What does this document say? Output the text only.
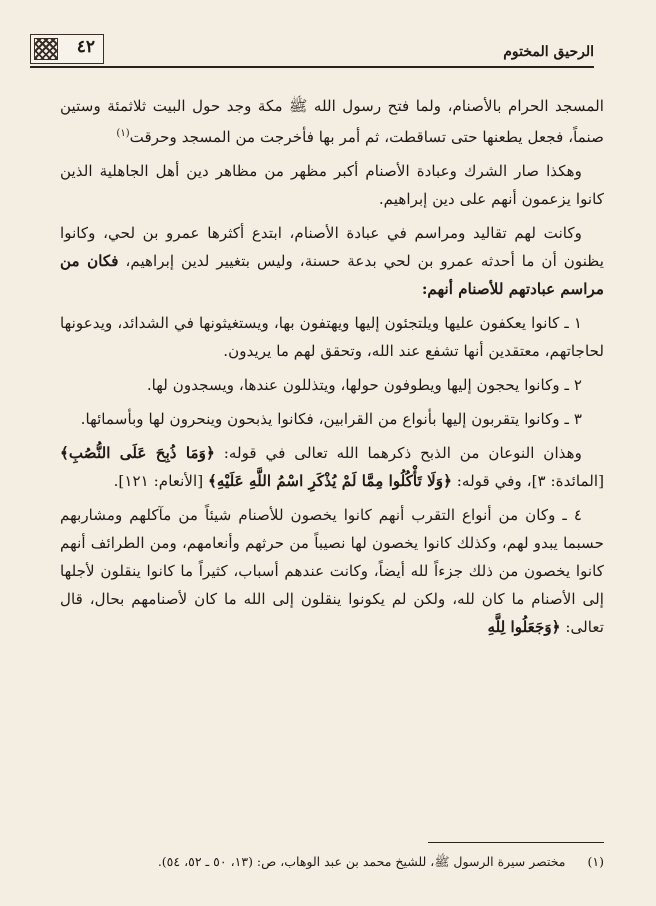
٤٢	الرحيق المختوم

المسجد الحرام بالأصنام، ولما فتح رسول الله ﷺ مكة وجد حول البيت ثلاثمئة وستين صنماً، فجعل يطعنها حتى تساقطت، ثم أمر بها فأخرجت من المسجد وحرقت$^{(١)}$

وهكذا صار الشرك وعبادة الأصنام أكبر مظهر من مظاهر دين أهل الجاهلية الذين كانوا يزعمون أنهم على دين إبراهيم.

وكانت لهم تقاليد ومراسم في عبادة الأصنام، ابتدع أكثرها عمرو بن لحي، وكانوا يظنون أن ما أحدثه عمرو بن لحي بدعة حسنة، وليس بتغيير لدين إبراهيم، فكان من مراسم عبادتهم للأصنام أنهم:

١ ـ كانوا يعكفون عليها ويلتجئون إليها ويهتفون بها، ويستغيثونها في الشدائد، ويدعونها لحاجاتهم، معتقدين أنها تشفع عند الله، وتحقق لهم ما يريدون.

٢ ـ وكانوا يحجون إليها ويطوفون حولها، ويتذللون عندها، ويسجدون لها.

٣ ـ وكانوا يتقربون إليها بأنواع من القرابين، فكانوا يذبحون وينحرون لها وبأسمائها.

وهذان النوعان من الذبح ذكرهما الله تعالى في قوله: ﴿وَمَا ذُبِحَ عَلَى النُّصُبِ﴾ [المائدة: ٣]، وفي قوله: ﴿وَلَا تَأْكُلُوا مِمَّا لَمْ يُذْكَرِ اسْمُ اللَّهِ عَلَيْهِ﴾ [الأنعام: ١٢١].

٤ ـ وكان من أنواع التقرب أنهم كانوا يخصون للأصنام شيئاً من مآكلهم ومشاربهم حسبما يبدو لهم، وكذلك كانوا يخصون لها نصيباً من حرثهم وأنعامهم، ومن الطرائف أنهم كانوا يخصون من ذلك جزءاً لله أيضاً، وكانت عندهم أسباب، كثيراً ما كانوا ينقلون لأجلها إلى الأصنام ما كان لله، ولكن لم يكونوا ينقلون إلى الله ما كان لأصنامهم بحال، قال تعالى: ﴿وَجَعَلُوا لِلَّهِ

(١) مختصر سيرة الرسول ﷺ، للشيخ محمد بن عبد الوهاب، ص: (١٣، ٥٠ ـ ٥٢، ٥٤).
